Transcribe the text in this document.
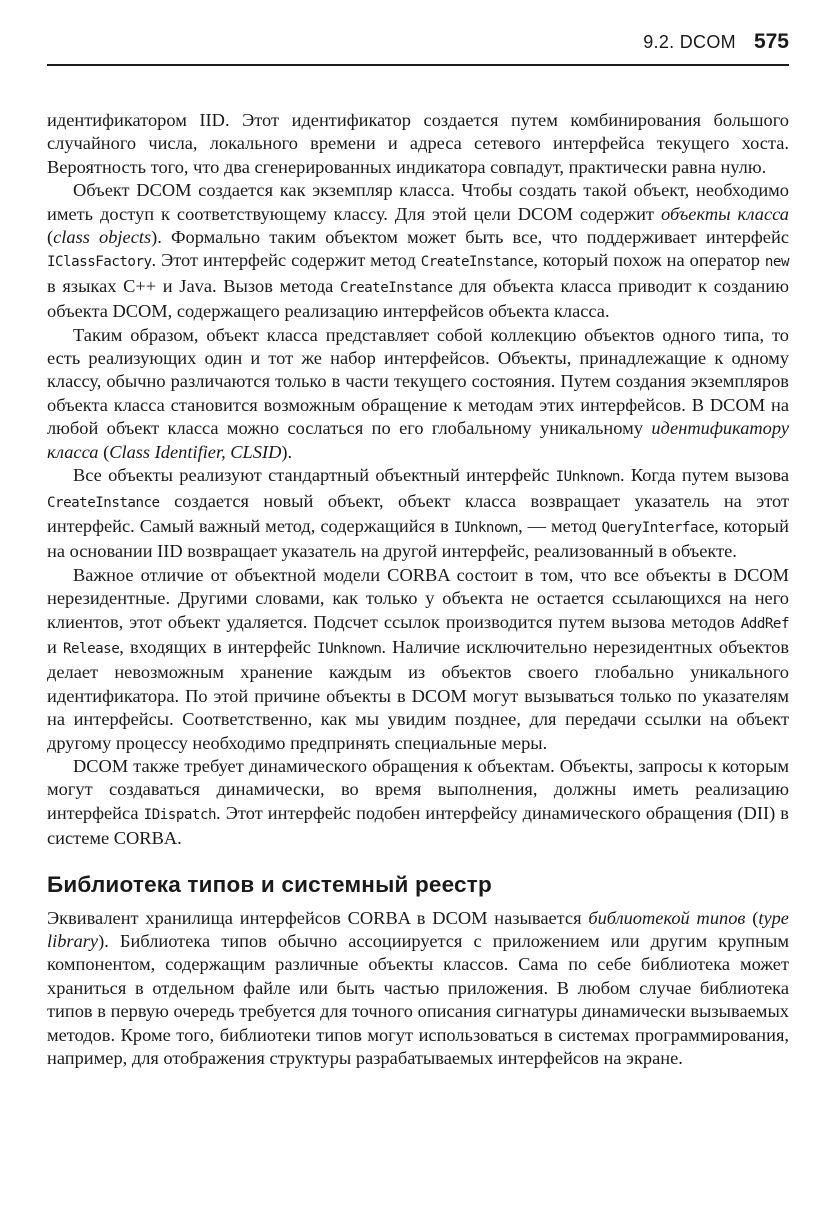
9.2. DCOM 575

идентификатором IID. Этот идентификатор создается путем комбинирования большого случайного числа, локального времени и адреса сетевого интерфейса текущего хоста. Вероятность того, что два сгенерированных индикатора совпадут, практически равна нулю.

Объект DCOM создается как экземпляр класса. Чтобы создать такой объект, необходимо иметь доступ к соответствующему классу. Для этой цели DCOM содержит объекты класса (class objects). Формально таким объектом может быть все, что поддерживает интерфейс IClassFactory. Этот интерфейс содержит метод CreateInstance, который похож на оператор new в языках C++ и Java. Вызов метода CreateInstance для объекта класса приводит к созданию объекта DCOM, содержащего реализацию интерфейсов объекта класса.

Таким образом, объект класса представляет собой коллекцию объектов одного типа, то есть реализующих один и тот же набор интерфейсов. Объекты, принадлежащие к одному классу, обычно различаются только в части текущего состояния. Путем создания экземпляров объекта класса становится возможным обращение к методам этих интерфейсов. В DCOM на любой объект класса можно сослаться по его глобальному уникальному идентификатору класса (Class Identifier, CLSID).

Все объекты реализуют стандартный объектный интерфейс IUnknown. Когда путем вызова CreateInstance создается новый объект, объект класса возвращает указатель на этот интерфейс. Самый важный метод, содержащийся в IUnknown, — метод QueryInterface, который на основании IID возвращает указатель на другой интерфейс, реализованный в объекте.

Важное отличие от объектной модели CORBA состоит в том, что все объекты в DCOM нерезидентные. Другими словами, как только у объекта не остается ссылающихся на него клиентов, этот объект удаляется. Подсчет ссылок производится путем вызова методов AddRef и Release, входящих в интерфейс IUnknown. Наличие исключительно нерезидентных объектов делает невозможным хранение каждым из объектов своего глобально уникального идентификатора. По этой причине объекты в DCOM могут вызываться только по указателям на интерфейсы. Соответственно, как мы увидим позднее, для передачи ссылки на объект другому процессу необходимо предпринять специальные меры.

DCOM также требует динамического обращения к объектам. Объекты, запросы к которым могут создаваться динамически, во время выполнения, должны иметь реализацию интерфейса IDispatch. Этот интерфейс подобен интерфейсу динамического обращения (DII) в системе CORBA.

Библиотека типов и системный реестр

Эквивалент хранилища интерфейсов CORBA в DCOM называется библиотекой типов (type library). Библиотека типов обычно ассоциируется с приложением или другим крупным компонентом, содержащим различные объекты классов. Сама по себе библиотека может храниться в отдельном файле или быть частью приложения. В любом случае библиотека типов в первую очередь требуется для точного описания сигнатуры динамически вызываемых методов. Кроме того, библиотеки типов могут использоваться в системах программирования, например, для отображения структуры разрабатываемых интерфейсов на экране.
